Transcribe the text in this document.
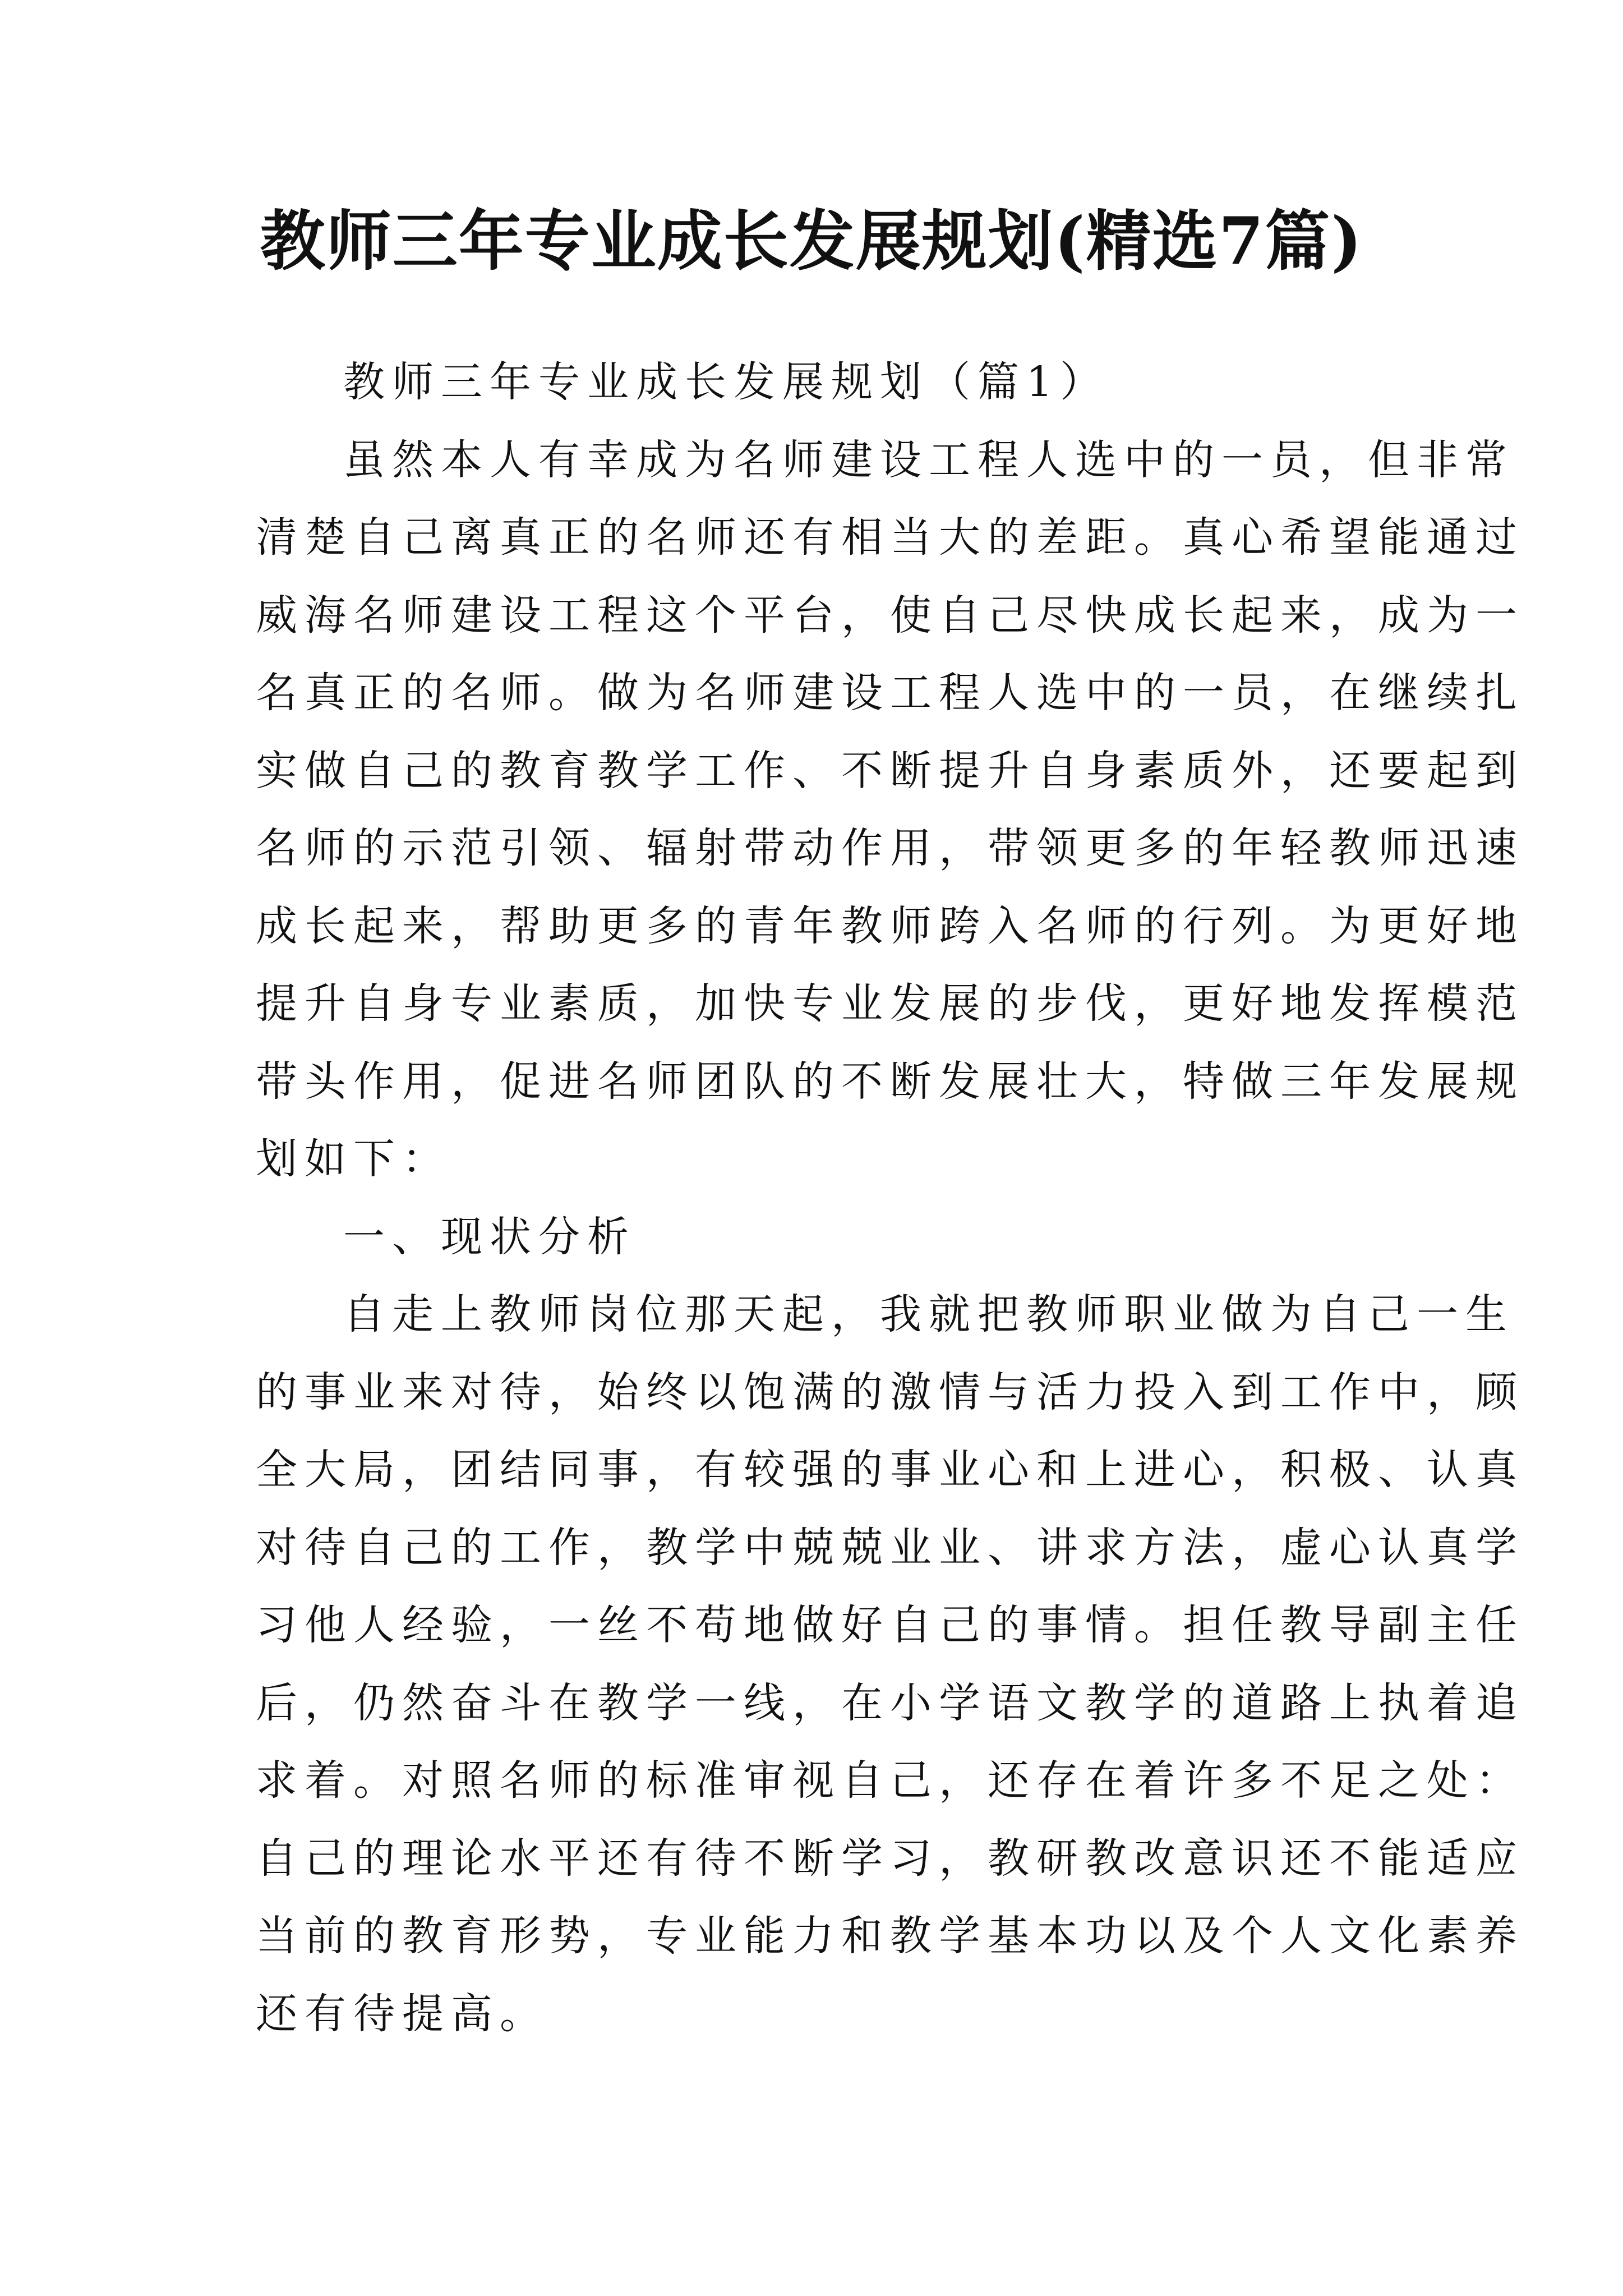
教师三年专业成长发展规划(精选7篇)
教师三年专业成长发展规划（篇1）
虽然本人有幸成为名师建设工程人选中的一员，但非常
清楚自己离真正的名师还有相当大的差距。真心希望能通过
威海名师建设工程这个平台，使自己尽快成长起来，成为一
名真正的名师。做为名师建设工程人选中的一员，在继续扎
实做自己的教育教学工作、不断提升自身素质外，还要起到
名师的示范引领、辐射带动作用，带领更多的年轻教师迅速
成长起来，帮助更多的青年教师跨入名师的行列。为更好地
提升自身专业素质，加快专业发展的步伐，更好地发挥模范
带头作用，促进名师团队的不断发展壮大，特做三年发展规
划如下：
一、现状分析
自走上教师岗位那天起，我就把教师职业做为自己一生
的事业来对待，始终以饱满的激情与活力投入到工作中，顾
全大局，团结同事，有较强的事业心和上进心，积极、认真
对待自己的工作，教学中兢兢业业、讲求方法，虚心认真学
习他人经验，一丝不苟地做好自己的事情。担任教导副主任
后，仍然奋斗在教学一线，在小学语文教学的道路上执着追
求着。对照名师的标准审视自己，还存在着许多不足之处：
自己的理论水平还有待不断学习，教研教改意识还不能适应
当前的教育形势，专业能力和教学基本功以及个人文化素养
还有待提高。
